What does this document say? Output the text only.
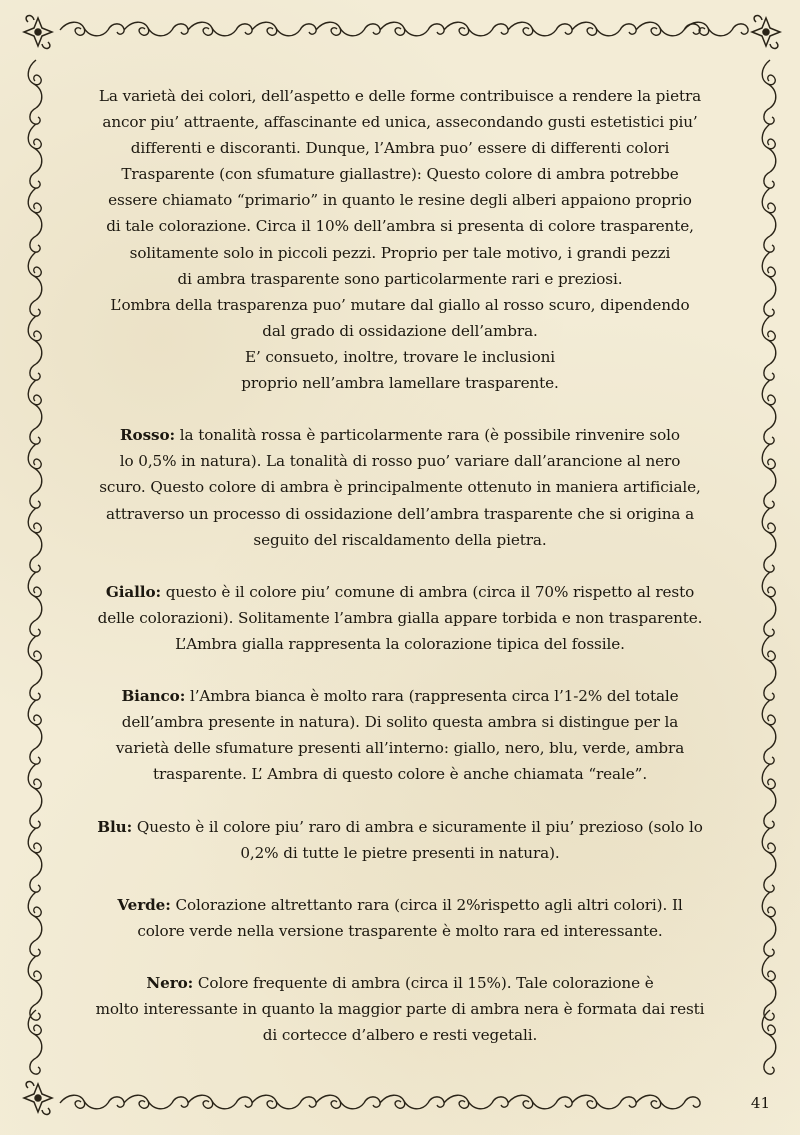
La varietà dei colori, dell’aspetto e delle forme contribuisce a rendere la pietra
ancor piu’ attraente, affascinante ed unica, assecondando gusti estetistici piu’
differenti e discoranti. Dunque, l’Ambra puo’ essere di differenti colori
Trasparente (con sfumature giallastre): Questo colore di ambra potrebbe
essere chiamato “primario” in quanto le resine degli alberi appaiono proprio
di tale colorazione. Circa il 10% dell’ambra si presenta di colore trasparente,
solitamente solo in piccoli pezzi. Proprio per tale motivo, i grandi pezzi
di ambra trasparente sono particolarmente rari e preziosi.
L’ombra della trasparenza puo’ mutare dal giallo al rosso scuro, dipendendo
dal grado di ossidazione dell’ambra.
E’ consueto, inoltre, trovare le inclusioni
proprio nell’ambra lamellare trasparente.
Rosso: la tonalità rossa è particolarmente rara (è possibile rinvenire solo
lo 0,5% in natura). La tonalità di rosso puo’ variare dall’arancione al nero
scuro. Questo colore di ambra è principalmente ottenuto in maniera artificiale,
attraverso un processo di ossidazione dell’ambra trasparente che si origina a
seguito del riscaldamento della pietra.
Giallo: questo è il colore piu’ comune di ambra (circa il 70% rispetto al resto
delle colorazioni). Solitamente l’ambra gialla appare torbida e non trasparente.
L’Ambra gialla rappresenta la colorazione tipica del fossile.
Bianco: l’Ambra bianca è molto rara (rappresenta circa l’1-2% del totale
dell’ambra presente in natura). Di solito questa ambra si distingue per la
varietà delle sfumature presenti all’interno: giallo, nero, blu, verde, ambra
trasparente. L’ Ambra di questo colore è anche chiamata “reale”.
Blu: Questo è il colore piu’ raro di ambra e sicuramente il piu’ prezioso (solo lo
0,2% di tutte le pietre presenti in natura).
Verde: Colorazione altrettanto rara (circa il 2%rispetto agli altri colori). Il
colore verde nella versione trasparente è molto rara ed interessante.
Nero: Colore frequente di ambra (circa il 15%). Tale colorazione è
molto interessante in quanto la maggior parte di ambra nera è formata dai resti
di cortecce d’albero e resti vegetali.
41
